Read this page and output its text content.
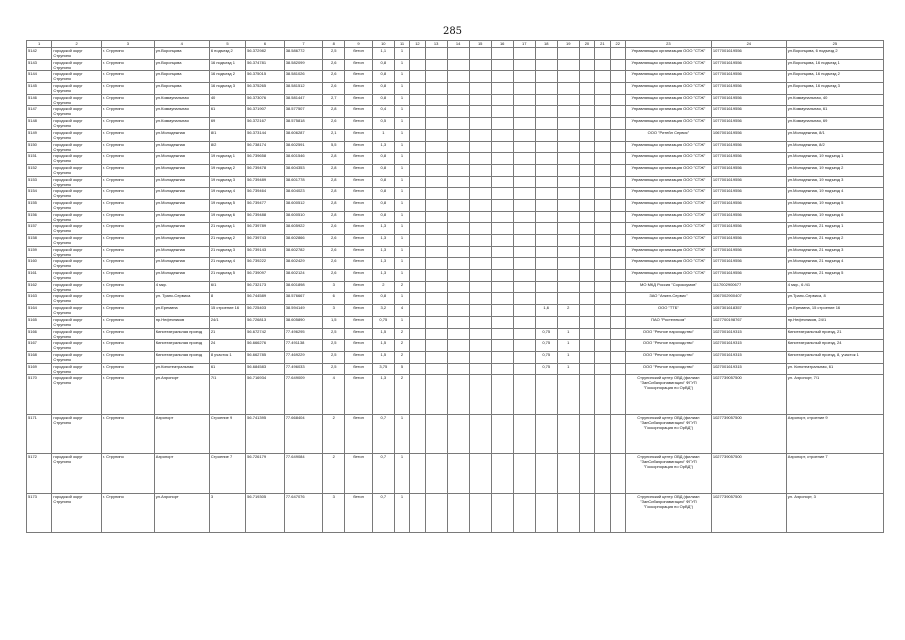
285
1	2	3	4	5	6	7	8	9	10	11	12	13	14	15	16	17	18	19	20	21	22	23	24	25
5142	городской округ Струнино	г. Струнино	ул.Воронцова	6 подъезд 2	56.372982	38.586772	2,5	бетон	1,1	1												Управляющая организация ООО "СТЖ"	1077001619556	ул.Воронцова, 6 подъезд 2
5143	городской округ Струнино	г. Струнино	ул.Воронцова	16 подъезд 1	56.374781	38.582099	2,6	бетон	0,8	1												Управляющая организация ООО "СТЖ"	1077001619556	ул.Воронцова, 16 подъезд 1
5144	городской округ Струнино	г. Струнино	ул.Воронцова	16 подъезд 2	56.375015	38.581026	2,6	бетон	0,8	1												Управляющая организация ООО "СТЖ"	1077001619556	ул.Воронцова, 16 подъезд 2
5145	городской округ Струнино	г. Струнино	ул.Воронцова	16 подъезд 3	56.375265	38.581512	2,6	бетон	0,8	1												Управляющая организация ООО "СТЖ"	1077001619556	ул.Воронцова, 16 подъезд 3
5146	городской округ Струнино	г. Струнино	ул.Коммунальная	40	56.373076	38.581447	2,7	бетон	0,8	1												Управляющая организация ООО "СТЖ"	1077001619556	ул.Коммунальная, 40
5147	городской округ Струнино	г. Струнино	ул.Коммунальная	61	56.371907	38.577507	2,8	бетон	0,4	1												Управляющая организация ООО "СТЖ"	1077001619556	ул.Коммунальная, 61
5148	городской округ Струнино	г. Струнино	ул.Коммунальная	69	56.372167	38.575818	2,6	бетон	0,5	1												Управляющая организация ООО "СТЖ"	1077001619556	ул.Коммунальная, 69
5149	городской округ Струнино	г. Струнино	ул.Молодежная	8/1	56.373144	38.606287	2,1	бетон	1	1												ООО "Ритейл Сервис"	1067001619556	ул.Молодежная, 8/1
5150	городской округ Струнино	г. Струнино	ул.Молодежная	8/2	56.738174	38.602591	5,5	бетон	1,3	1												Управляющая организация ООО "СТЖ"	1077001619556	ул.Молодежная, 8/2
5151	городской округ Струнино	г. Струнино	ул.Молодежная	19 подъезд 1	56.739658	38.601546	2,8	бетон	0,8	1												Управляющая организация ООО "СТЖ"	1077001619556	ул.Молодежная, 19 подъезд 1
5152	городской округ Струнино	г. Струнино	ул.Молодежная	19 подъезд 2	56.739478	38.604353	2,8	бетон	0,8	1												Управляющая организация ООО "СТЖ"	1077001619556	ул.Молодежная, 19 подъезд 2
5153	городской округ Струнино	г. Струнино	ул.Молодежная	19 подъезд 3	56.739489	38.601778	2,8	бетон	0,8	1												Управляющая организация ООО "СТЖ"	1077001619556	ул.Молодежная, 19 подъезд 3
5154	городской округ Струнино	г. Струнино	ул.Молодежная	19 подъезд 4	56.739464	38.604023	2,8	бетон	0,8	1												Управляющая организация ООО "СТЖ"	1077001619556	ул.Молодежная, 19 подъезд 4
5155	городской округ Струнино	г. Струнино	ул.Молодежная	19 подъезд 5	56.739477	38.600512	2,8	бетон	0,8	1												Управляющая организация ООО "СТЖ"	1077001619556	ул.Молодежная, 19 подъезд 5
5156	городской округ Струнино	г. Струнино	ул.Молодежная	19 подъезд 6	56.739488	38.600510	2,8	бетон	0,8	1												Управляющая организация ООО "СТЖ"	1077001619556	ул.Молодежная, 19 подъезд 6
5157	городской округ Струнино	г. Струнино	ул.Молодежная	21 подъезд 1	56.739789	38.605922	2,6	бетон	1,3	1												Управляющая организация ООО "СТЖ"	1077001619556	ул.Молодежная, 21 подъезд 1
5158	городской округ Струнино	г. Струнино	ул.Молодежная	21 подъезд 2	56.739743	38.602866	2,6	бетон	1,3	1												Управляющая организация ООО "СТЖ"	1077001619556	ул.Молодежная, 21 подъезд 2
5159	городской округ Струнино	г. Струнино	ул.Молодежная	21 подъезд 3	56.739143	38.602782	2,6	бетон	1,3	1												Управляющая организация ООО "СТЖ"	1077001619556	ул.Молодежная, 21 подъезд 3
5160	городской округ Струнино	г. Струнино	ул.Молодежная	21 подъезд 4	56.739222	38.602429	2,6	бетон	1,3	1												Управляющая организация ООО "СТЖ"	1077001619556	ул.Молодежная, 21 подъезд 4
5161	городской округ Струнино	г. Струнино	ул.Молодежная	21 подъезд 5	56.739097	38.602124	2,6	бетон	1,3	1												Управляющая организация ООО "СТЖ"	1077001619556	ул.Молодежная, 21 подъезд 5
5162	городской округ Струнино	г. Струнино	4 мкр.	6/1	56.732173	38.601898	3	бетон	2	2												МО МКД Россия "Сорокоумов"	1117002900677	4 мкр., 6 /41
5163	городской округ Струнино	г. Струнино	ул. Транс-Сервиса	8	56.744589	38.576667	6	бетон	0,8	1												ЗАО "Анкел-Сервис"	1067002900407	ул.Транс-Сервиса, 8
5164	городской округ Струнино	г. Струнино	ул.Еремина	15 строение 16	56.725403	38.594149	3	бетон	3,2	4							1,6	2				ООО "ТТБ"	1057301618357	ул.Еремина, 15 строение 16
5165	городской округ Струнино	г. Струнино	пр.Нефтяников	24/1	56.726813	38.605890	1,5	бетон	0,75	1												ПАО "Ростелеком"	1027700198767	пр.Нефтяников, 24/1
5166	городской округ Струнино	г. Струнино	Кинотеатральная проезд	21	56.672742	77.496295	2,5	бетон	1,5	2							0,75	1				ООО "Речное пароходство"	1027001619315	Кинотеатральный проезд, 21
5167	городской округ Струнино	г. Струнино	Кинотеатральная проезд	24	56.666276	77.491138	2,5	бетон	1,5	2							0,75	1				ООО "Речное пароходство"	1027001619315	Кинотеатральный проезд, 24
5168	городской округ Струнино	г. Струнино	Кинотеатральная проезд	8 участок 1	56.662785	77.469229	2,5	бетон	1,5	2							0,75	1				ООО "Речное пароходство"	1027001619315	Кинотеатральный проезд, 8, участок 1
5169	городской округ Струнино	г. Струнино	ул.Кинотеатральная	61	56.684583	77.496033	2,5	бетон	3,75	5							0,75	1				ООО "Речное пароходство"	1027001619315	ул. Кинотеатральная, 61
5170	городской округ Струнино	г. Струнино	ул.Аэропорт	7/1	56.716934	77.649009	4	бетон	1,3	2												Струнинский центр ОВД (филиал "ЗапСибаэронавигация" ФГУП "Госкорпорация по ОрВД")	1027739057500	ул. Аэропорт, 7/1
5171	городской округ Струнино	г. Струнино	Аэропорт	Строение 9	56.741395	77.668404	2	бетон	0,7	1												Струнинский центр ОВД (филиал "ЗапСибаэронавигация" ФГУП "Госкорпорация по ОрВД")	1027739057500	Аэропорт, строение 9
5172	городской округ Струнино	г. Струнино	Аэропорт	Строение 7	56.726179	77.649084	2	бетон	0,7	1												Струнинский центр ОВД (филиал "ЗапСибаэронавигация" ФГУП "Госкорпорация по ОрВД")	1027739057500	Аэропорт, строение 7
5173	городской округ Струнино	г. Струнино	ул.Аэропорт	3	56.719305	77.647076	3	бетон	0,7	1												Струнинский центр ОВД (филиал "ЗапСибаэронавигация" ФГУП "Госкорпорация по ОрВД")	1027739057500	ул. Аэропорт, 3
